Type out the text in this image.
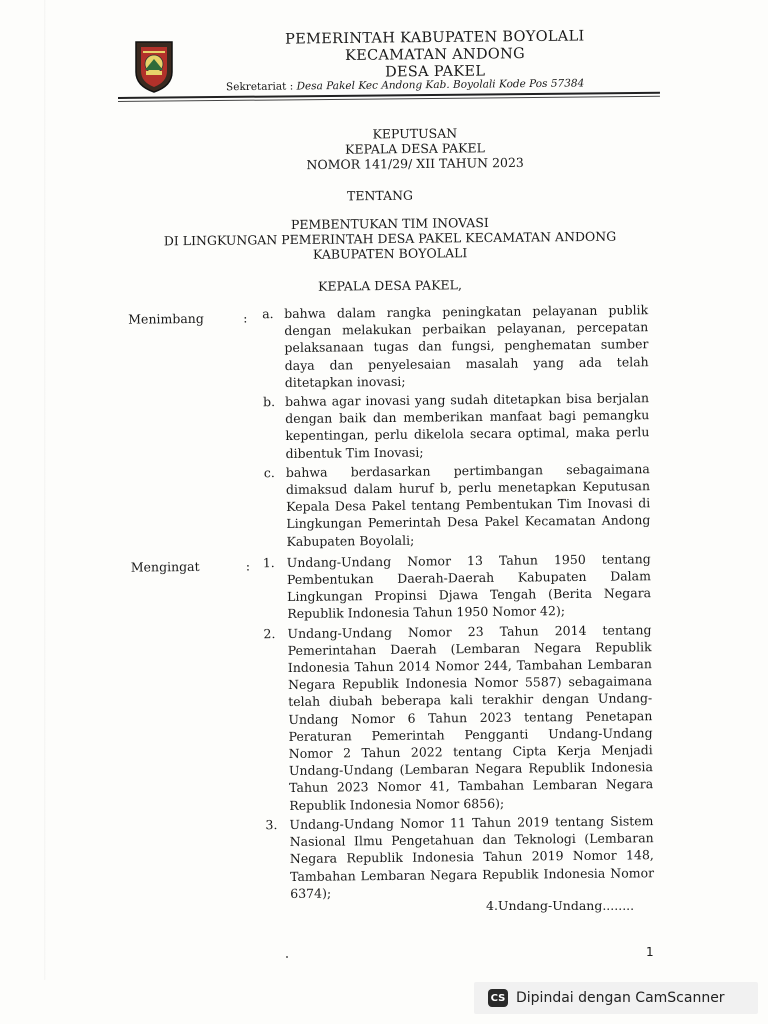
PEMERINTAH KABUPATEN BOYOLALI
KECAMATAN ANDONG
DESA PAKEL
Sekretariat : Desa Pakel Kec Andong Kab. Boyolali Kode Pos 57384
KEPUTUSAN
KEPALA DESA PAKEL
NOMOR 141/29/ XII TAHUN 2023
TENTANG
PEMBENTUKAN TIM INOVASI
DI LINGKUNGAN PEMERINTAH DESA PAKEL KECAMATAN ANDONG
KABUPATEN BOYOLALI
KEPALA DESA PAKEL,
Menimbang	: a. bahwa dalam rangka peningkatan pelayanan publik dengan melakukan perbaikan pelayanan, percepatan pelaksanaan tugas dan fungsi, penghematan sumber daya dan penyelesaian masalah yang ada telah ditetapkan inovasi;
b. bahwa agar inovasi yang sudah ditetapkan bisa berjalan dengan baik dan memberikan manfaat bagi pemangku kepentingan, perlu dikelola secara optimal, maka perlu dibentuk Tim Inovasi;
c. bahwa berdasarkan pertimbangan sebagaimana dimaksud dalam huruf b, perlu menetapkan Keputusan Kepala Desa Pakel tentang Pembentukan Tim Inovasi di Lingkungan Pemerintah Desa Pakel Kecamatan Andong Kabupaten Boyolali;
Mengingat	: 1. Undang-Undang Nomor 13 Tahun 1950 tentang Pembentukan Daerah-Daerah Kabupaten Dalam Lingkungan Propinsi Djawa Tengah (Berita Negara Republik Indonesia Tahun 1950 Nomor 42);
2. Undang-Undang Nomor 23 Tahun 2014 tentang Pemerintahan Daerah (Lembaran Negara Republik Indonesia Tahun 2014 Nomor 244, Tambahan Lembaran Negara Republik Indonesia Nomor 5587) sebagaimana telah diubah beberapa kali terakhir dengan Undang-Undang Nomor 6 Tahun 2023 tentang Penetapan Peraturan Pemerintah Pengganti Undang-Undang Nomor 2 Tahun 2022 tentang Cipta Kerja Menjadi Undang-Undang (Lembaran Negara Republik Indonesia Tahun 2023 Nomor 41, Tambahan Lembaran Negara Republik Indonesia Nomor 6856);
3. Undang-Undang Nomor 11 Tahun 2019 tentang Sistem Nasional Ilmu Pengetahuan dan Teknologi (Lembaran Negara Republik Indonesia Tahun 2019 Nomor 148, Tambahan Lembaran Negara Republik Indonesia Nomor 6374);
4.Undang-Undang........
1
CS Dipindai dengan CamScanner
